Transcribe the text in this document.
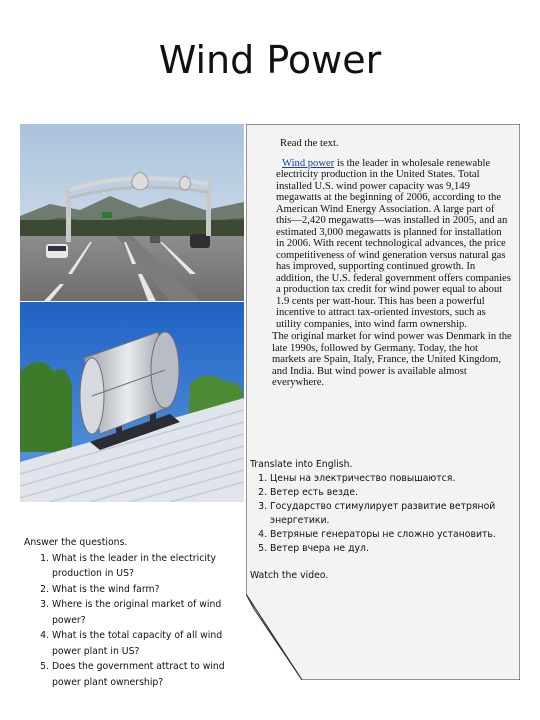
Wind Power

Read the text.

Wind power is the leader in wholesale renewable electricity production in the United States. Total installed U.S. wind power capacity was 9,149 megawatts at the beginning of 2006, according to the American Wind Energy Association. A large part of this—2,420 megawatts—was installed in 2005, and an estimated 3,000 megawatts is planned for installation in 2006. With recent technological advances, the price competitiveness of wind generation versus natural gas has improved, supporting continued growth. In addition, the U.S. federal government offers companies a production tax credit for wind power equal to about 1.9 cents per watt-hour. This has been a powerful incentive to attract tax-oriented investors, such as utility companies, into wind farm ownership.

The original market for wind power was Denmark in the late 1990s, followed by Germany. Today, the hot markets are Spain, Italy, France, the United Kingdom, and India. But wind power is available almost everywhere.

Translate into English.
1. Цены на электричество повышаются.
2. Ветер есть везде.
3. Государство стимулирует развитие ветряной энергетики.
4. Ветряные генераторы не сложно установить.
5. Ветер вчера не дул.
Watch the video.
Answer the questions.
1. What is the leader in the electricity production in US?
2. What is the wind farm?
3. Where is the original market of wind power?
4. What is the total capacity of all wind power plant in US?
5. Does the government attract to wind power plant ownership?
